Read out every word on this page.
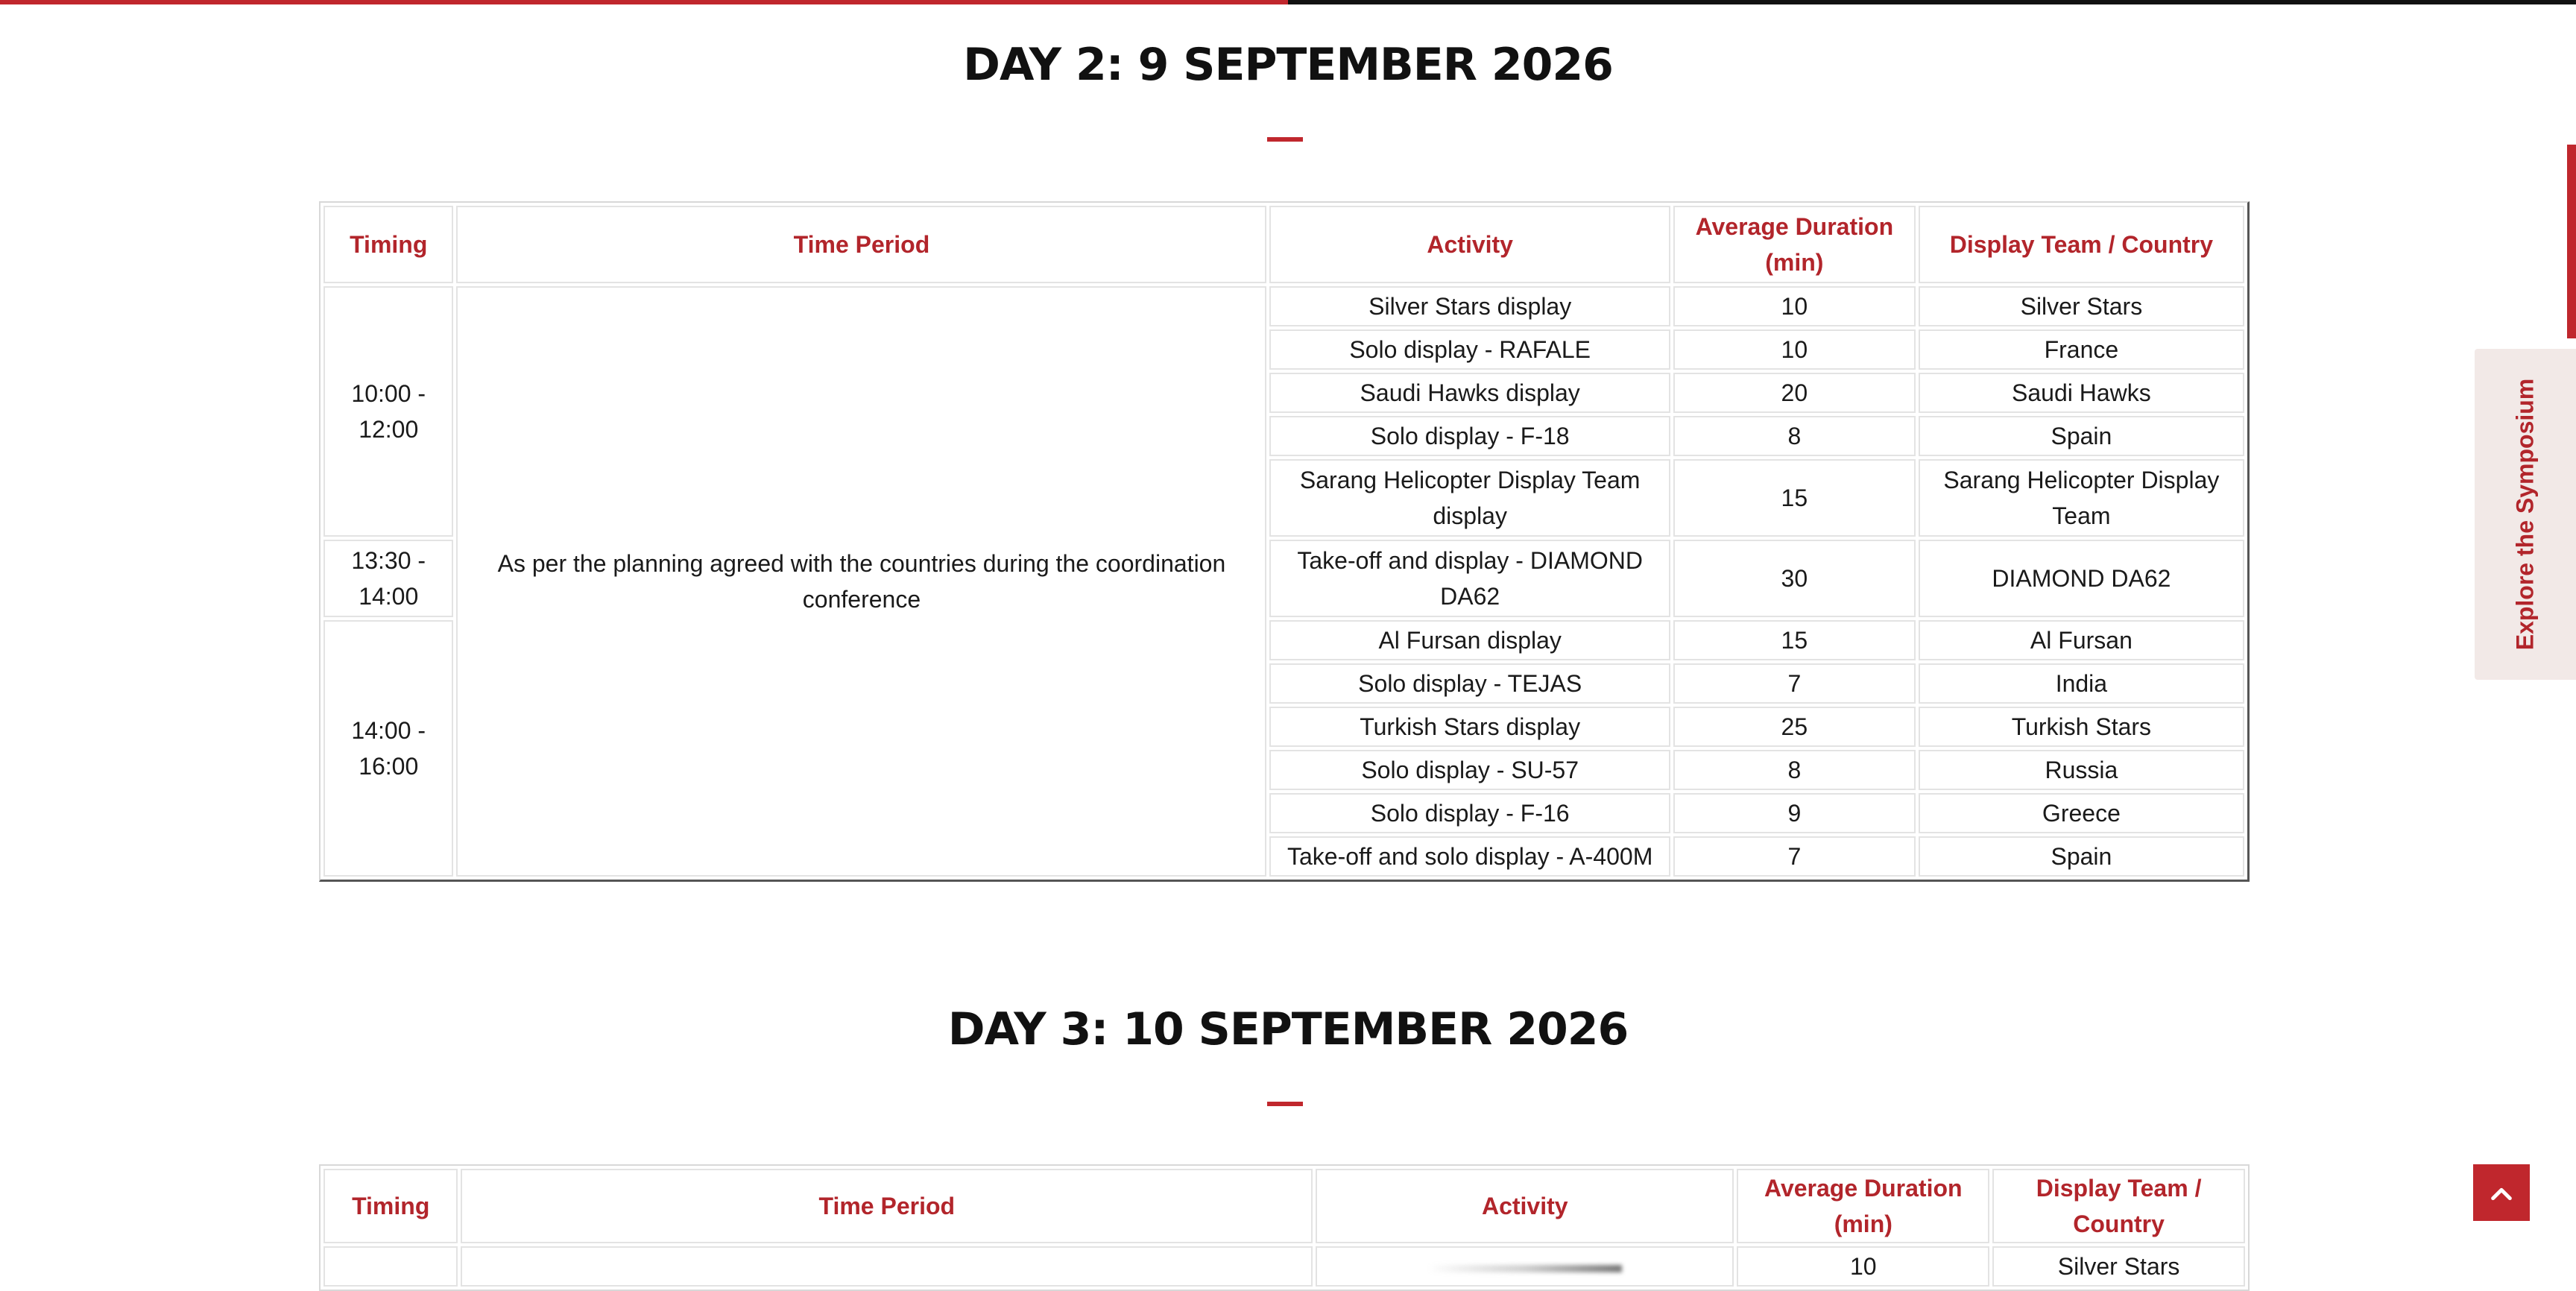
DAY 2: 9 SEPTEMBER 2026
Timing	Time Period	Activity	Average Duration (min)	Display Team / Country
10:00 - 12:00	As per the planning agreed with the countries during the coordination conference	Silver Stars display	10	Silver Stars
		Solo display - RAFALE	10	France
		Saudi Hawks display	20	Saudi Hawks
		Solo display - F-18	8	Spain
		Sarang Helicopter Display Team display	15	Sarang Helicopter Display Team
13:30 - 14:00		Take-off and display - DIAMOND DA62	30	DIAMOND DA62
14:00 - 16:00		Al Fursan display	15	Al Fursan
		Solo display - TEJAS	7	India
		Turkish Stars display	25	Turkish Stars
		Solo display - SU-57	8	Russia
		Solo display - F-16	9	Greece
		Take-off and solo display - A-400M	7	Spain
DAY 3: 10 SEPTEMBER 2026
Timing	Time Period	Activity	Average Duration (min)	Display Team / Country
			10	Silver Stars
Explore the Symposium
